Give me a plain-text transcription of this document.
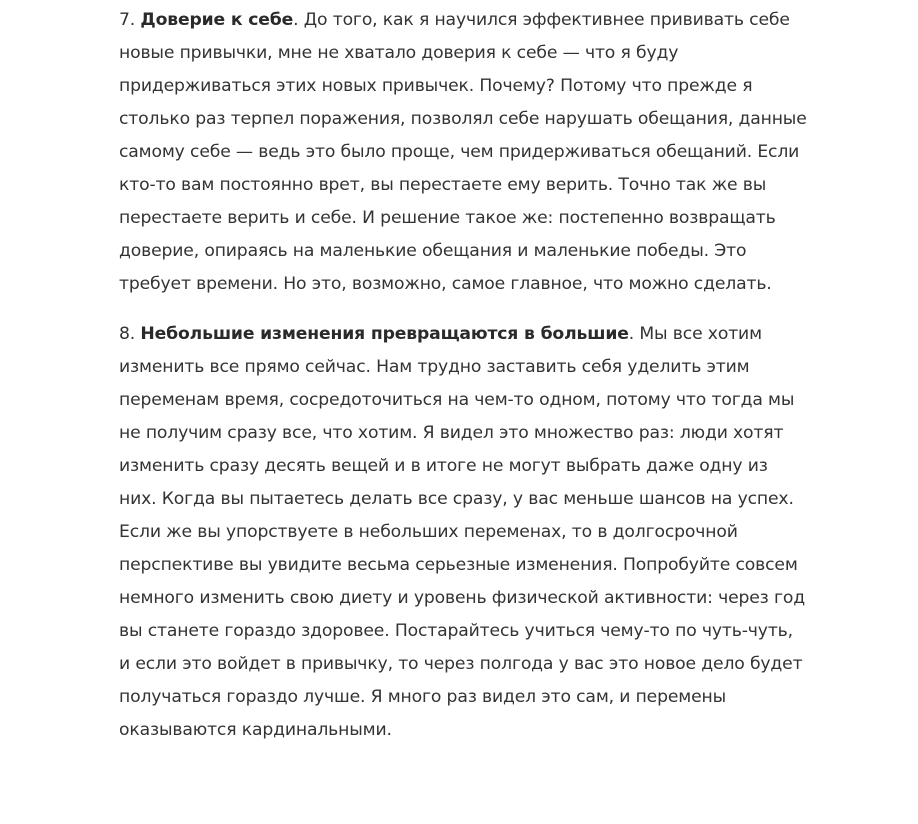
7. Доверие к себе. До того, как я научился эффективнее прививать себе новые привычки, мне не хватало доверия к себе — что я буду придерживаться этих новых привычек. Почему? Потому что прежде я столько раз терпел поражения, позволял себе нарушать обещания, данные самому себе — ведь это было проще, чем придерживаться обещаний. Если кто-то вам постоянно врет, вы перестаете ему верить. Точно так же вы перестаете верить и себе. И решение такое же: постепенно возвращать доверие, опираясь на маленькие обещания и маленькие победы. Это требует времени. Но это, возможно, самое главное, что можно сделать.

8. Небольшие изменения превращаются в большие. Мы все хотим изменить все прямо сейчас. Нам трудно заставить себя уделить этим переменам время, сосредоточиться на чем-то одном, потому что тогда мы не получим сразу все, что хотим. Я видел это множество раз: люди хотят изменить сразу десять вещей и в итоге не могут выбрать даже одну из них. Когда вы пытаетесь делать все сразу, у вас меньше шансов на успех. Если же вы упорствуете в небольших переменах, то в долгосрочной перспективе вы увидите весьма серьезные изменения. Попробуйте совсем немного изменить свою диету и уровень физической активности: через год вы станете гораздо здоровее. Постарайтесь учиться чему-то по чуть-чуть, и если это войдет в привычку, то через полгода у вас это новое дело будет получаться гораздо лучше. Я много раз видел это сам, и перемены оказываются кардинальными.
